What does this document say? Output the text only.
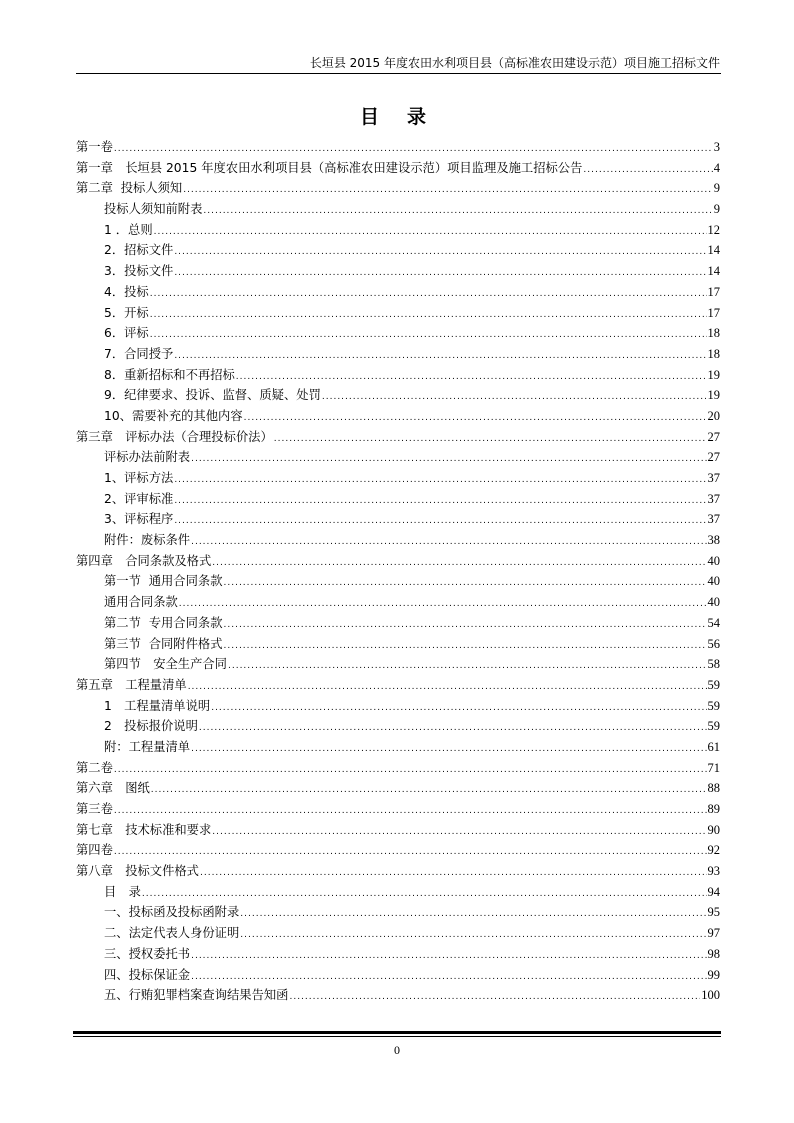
长垣县 2015 年度农田水利项目县（高标准农田建设示范）项目施工招标文件
目录
第一卷 .....	3
第一章　长垣县 2015 年度农田水利项目县（高标准农田建设示范）项目监理及施工招标公告 .....	4
第二章  投标人须知 .....	9
投标人须知前附表 .....	9
1 ．总则 .....	12
2．招标文件 .....	14
3．投标文件 .....	14
4．投标 .....	17
5．开标 .....	17
6．评标 .....	18
7．合同授予 .....	18
8．重新招标和不再招标 .....	19
9．纪律要求、投诉、监督、质疑、处罚 .....	19
10、需要补充的其他内容 .....	20
第三章　评标办法（合理投标价法） .....	27
评标办法前附表 .....	27
1、评标方法 .....	37
2、评审标准 .....	37
3、评标程序 .....	37
附件：废标条件 .....	38
第四章　合同条款及格式 .....	40
第一节  通用合同条款 .....	40
通用合同条款 .....	40
第二节  专用合同条款 .....	54
第三节  合同附件格式 .....	56
第四节　安全生产合同 .....	58
第五章　工程量清单 .....	59
1　工程量清单说明 .....	59
2　投标报价说明 .....	59
附：工程量清单 .....	61
第二卷 .....	71
第六章　图纸 .....	88
第三卷 .....	89
第七章　技术标准和要求 .....	90
第四卷 .....	92
第八章　投标文件格式 .....	93
目　录 .....	94
一、投标函及投标函附录 .....	95
二、法定代表人身份证明 .....	97
三、授权委托书 .....	98
四、投标保证金 .....	99
五、行贿犯罪档案查询结果告知函 .....	100
0
